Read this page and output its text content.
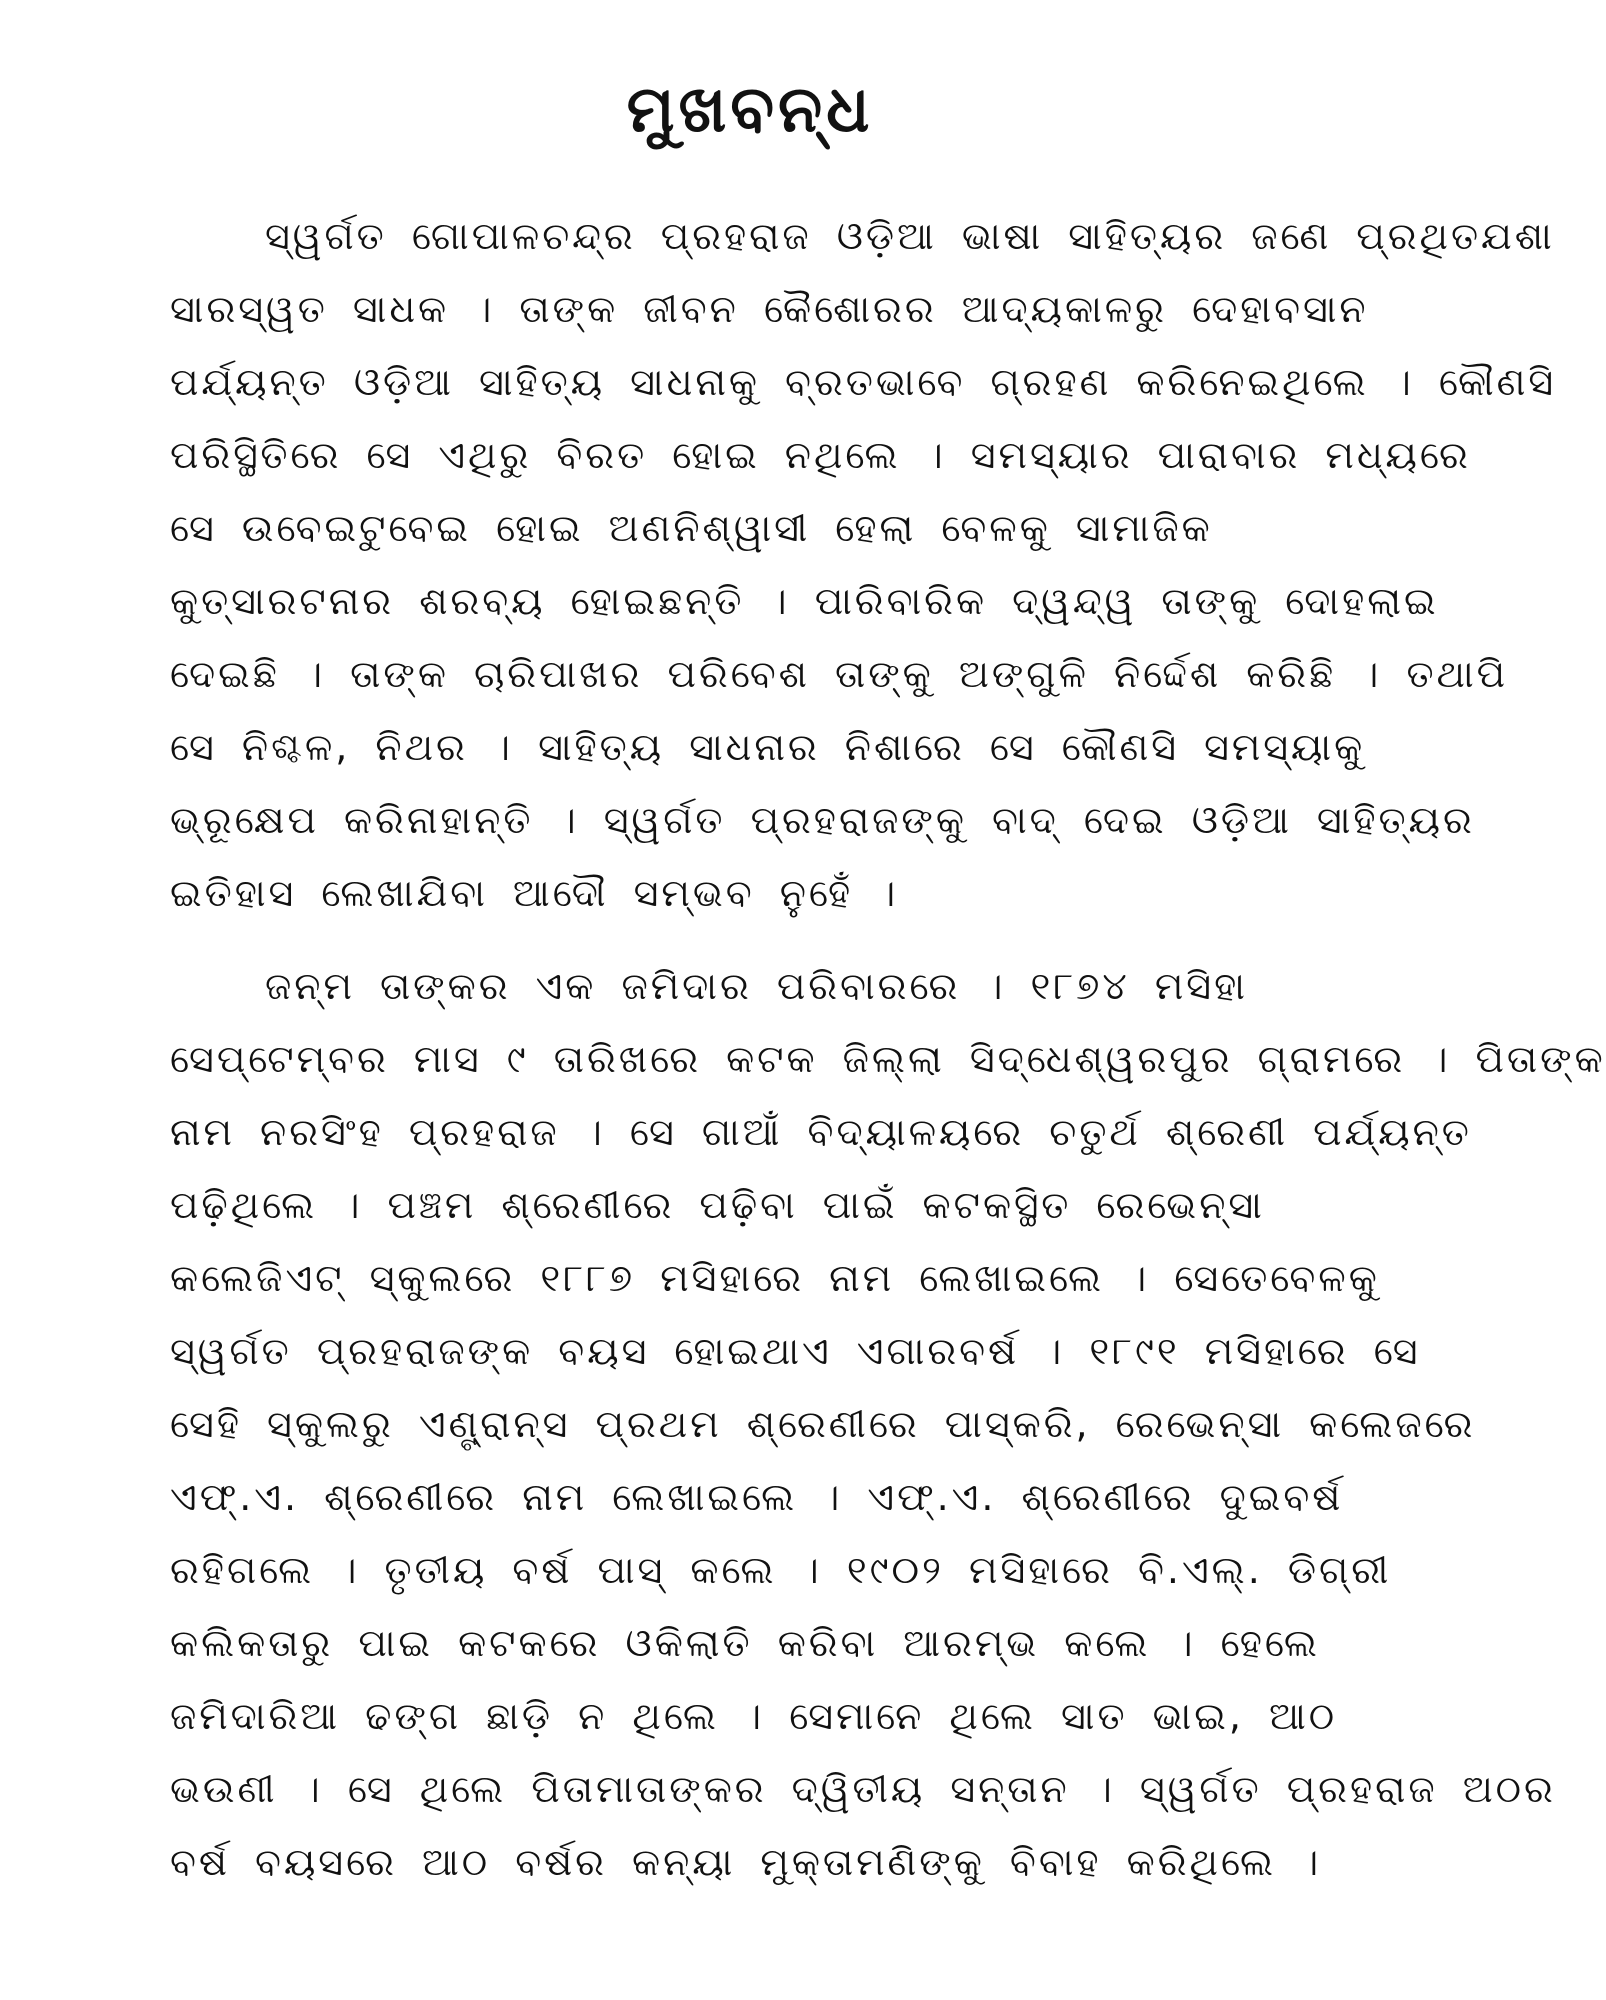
ମୁଖବନ୍ଧ
ସ୍ୱର୍ଗତ ଗୋପାଳଚନ୍ଦ୍ର ପ୍ରହରାଜ ଓଡ଼ିଆ ଭାଷା ସାହିତ୍ୟର ଜଣେ ପ୍ରଥିତଯଶା
ସାରସ୍ୱତ ସାଧକ । ତାଙ୍କ ଜୀବନ କୈଶୋରର ଆଦ୍ୟକାଳରୁ ଦେହାବସାନ
ପର୍ଯ୍ୟନ୍ତ ଓଡ଼ିଆ ସାହିତ୍ୟ ସାଧନାକୁ ବ୍ରତଭାବେ ଗ୍ରହଣ କରିନେଇଥିଲେ । କୌଣସି
ପରିସ୍ଥିତିରେ ସେ ଏଥିରୁ ବିରତ ହୋଇ ନଥିଲେ । ସମସ୍ୟାର ପାରାବାର ମଧ୍ୟରେ
ସେ ଉବେଇଟୁବେଇ ହୋଇ ଅଣନିଶ୍ୱାସୀ ହେଲା ବେଳକୁ ସାମାଜିକ
କୁତ୍ସାରଟନାର ଶରବ୍ୟ ହୋଇଛନ୍ତି । ପାରିବାରିକ ଦ୍ୱନ୍ଦ୍ୱ ତାଙ୍କୁ ଦୋହଲାଇ
ଦେଇଛି । ତାଙ୍କ ଚାରିପାଖର ପରିବେଶ ତାଙ୍କୁ ଅଙ୍ଗୁଳି ନିର୍ଦ୍ଦେଶ କରିଛି । ତଥାପି
ସେ ନିଶ୍ଚଳ, ନିଥର । ସାହିତ୍ୟ ସାଧନାର ନିଶାରେ ସେ କୌଣସି ସମସ୍ୟାକୁ
ଭ୍ରୂକ୍ଷେପ କରିନାହାନ୍ତି । ସ୍ୱର୍ଗତ ପ୍ରହରାଜଙ୍କୁ ବାଦ୍ ଦେଇ ଓଡ଼ିଆ ସାହିତ୍ୟର
ଇତିହାସ ଲେଖାଯିବା ଆଦୌ ସମ୍ଭବ ନୁହେଁ ।
ଜନ୍ମ ତାଙ୍କର ଏକ ଜମିଦାର ପରିବାରରେ । ୧୮୭୪ ମସିହା
ସେପ୍ଟେମ୍ବର ମାସ ୯ ତାରିଖରେ କଟକ ଜିଲ୍ଲା ସିଦ୍ଧେଶ୍ୱରପୁର ଗ୍ରାମରେ । ପିତାଙ୍କ
ନାମ ନରସିଂହ ପ୍ରହରାଜ । ସେ ଗାଆଁ ବିଦ୍ୟାଳୟରେ ଚତୁର୍ଥ ଶ୍ରେଣୀ ପର୍ଯ୍ୟନ୍ତ
ପଢ଼ିଥିଲେ । ପଞ୍ଚମ ଶ୍ରେଣୀରେ ପଢ଼ିବା ପାଇଁ କଟକସ୍ଥିତ ରେଭେନ୍‌ସା
କଲେଜିଏଟ୍ ସ୍କୁଲରେ ୧୮୮୭ ମସିହାରେ ନାମ ଲେଖାଇଲେ । ସେତେବେଳକୁ
ସ୍ୱର୍ଗତ ପ୍ରହରାଜଙ୍କ ବୟସ ହୋଇଥାଏ ଏଗାରବର୍ଷ । ୧୮୯୧ ମସିହାରେ ସେ
ସେହି ସ୍କୁଲରୁ ଏଣ୍ଟ୍ରାନ୍‌ସ ପ୍ରଥମ ଶ୍ରେଣୀରେ ପାସ୍‌କରି, ରେଭେନ୍‌ସା କଲେଜରେ
ଏଫ୍.ଏ. ଶ୍ରେଣୀରେ ନାମ ଲେଖାଇଲେ । ଏଫ୍.ଏ. ଶ୍ରେଣୀରେ ଦୁଇବର୍ଷ
ରହିଗଲେ । ତୃତୀୟ ବର୍ଷ ପାସ୍ କଲେ । ୧୯୦୨ ମସିହାରେ ବି.ଏଲ୍. ଡିଗ୍ରୀ
କଲିକତାରୁ ପାଇ କଟକରେ ଓକିଲାତି କରିବା ଆରମ୍ଭ କଲେ । ହେଲେ
ଜମିଦାରିଆ ଢଙ୍ଗ ଛାଡ଼ି ନ ଥିଲେ । ସେମାନେ ଥିଲେ ସାତ ଭାଇ, ଆଠ
ଭଉଣୀ । ସେ ଥିଲେ ପିତାମାତାଙ୍କର ଦ୍ୱିତୀୟ ସନ୍ତାନ । ସ୍ୱର୍ଗତ ପ୍ରହରାଜ ଅଠର
ବର୍ଷ ବୟସରେ ଆଠ ବର୍ଷର କନ୍ୟା ମୁକ୍ତାମଣିଙ୍କୁ ବିବାହ କରିଥିଲେ ।
